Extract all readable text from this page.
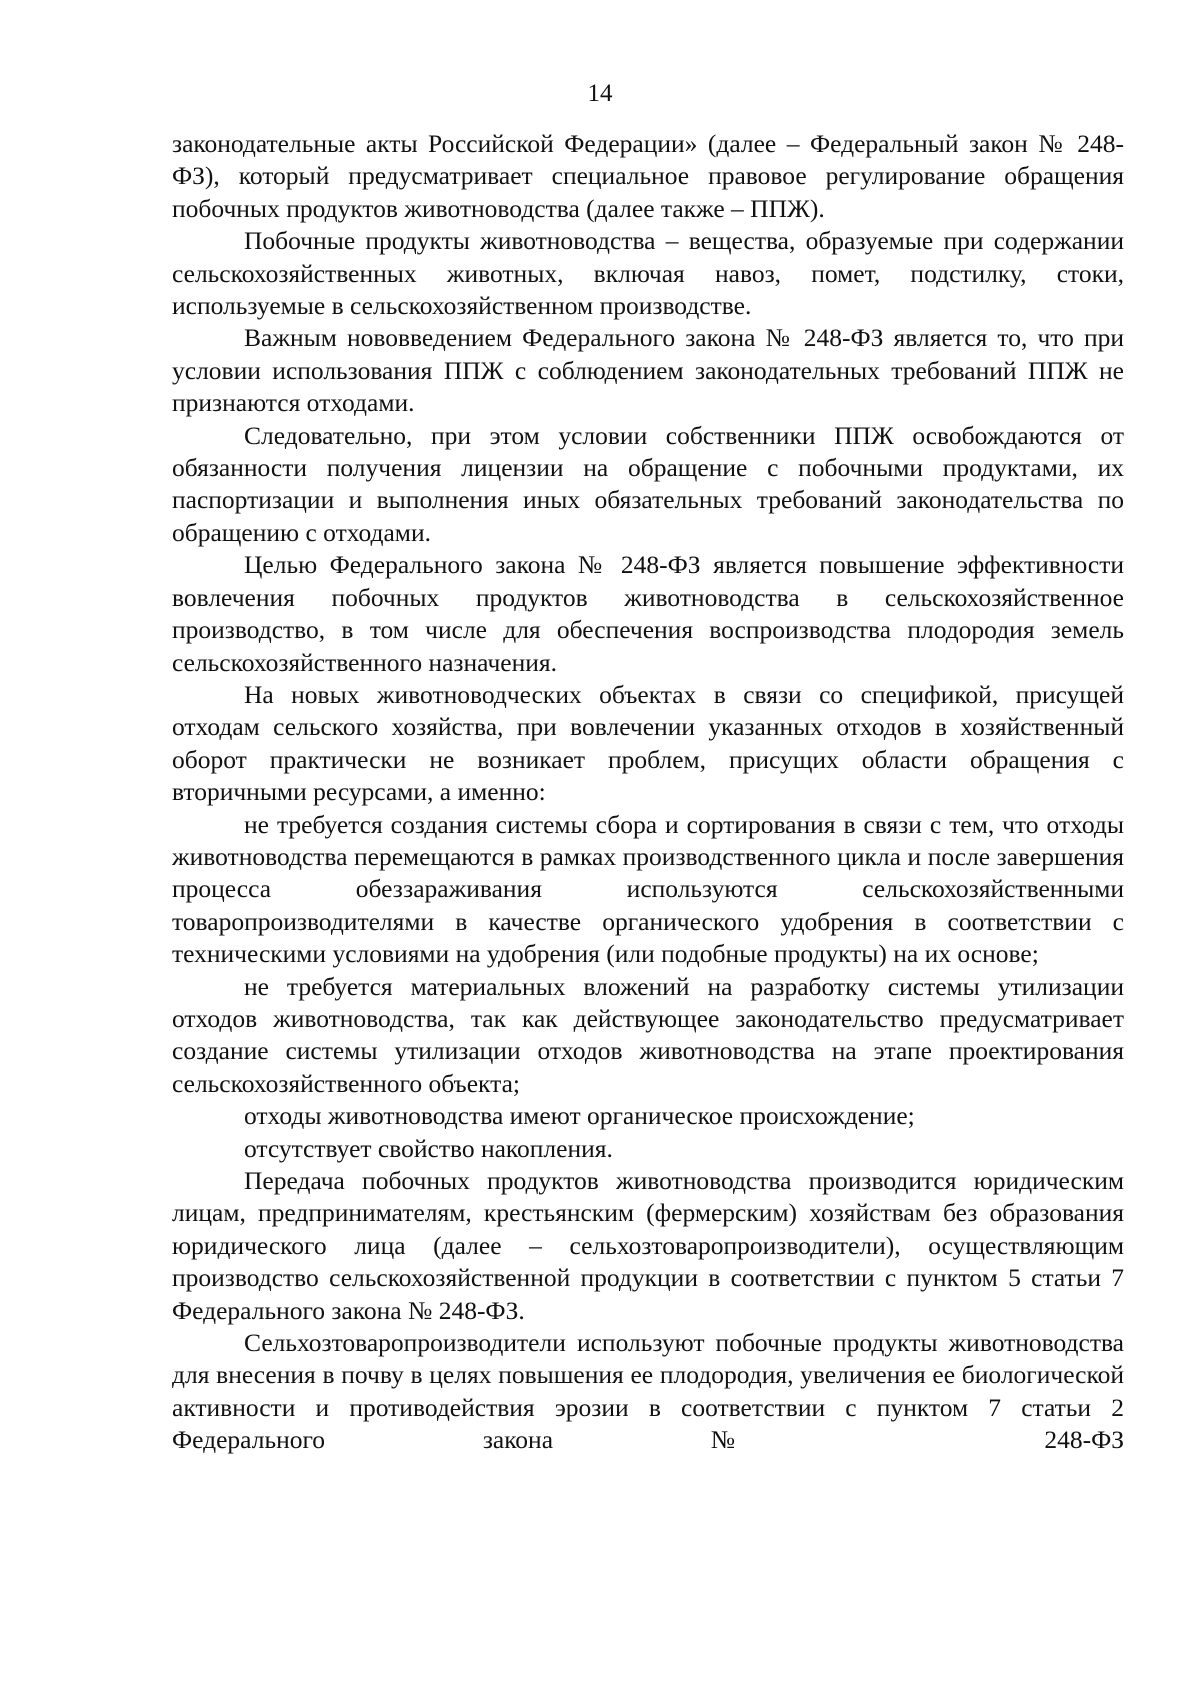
14

законодательные акты Российской Федерации» (далее – Федеральный закон № 248-ФЗ), который предусматривает специальное правовое регулирование обращения побочных продуктов животноводства (далее также – ППЖ).

Побочные продукты животноводства – вещества, образуемые при содержании сельскохозяйственных животных, включая навоз, помет, подстилку, стоки, используемые в сельскохозяйственном производстве.

Важным нововведением Федерального закона № 248-ФЗ является то, что при условии использования ППЖ с соблюдением законодательных требований ППЖ не признаются отходами.

Следовательно, при этом условии собственники ППЖ освобождаются от обязанности получения лицензии на обращение с побочными продуктами, их паспортизации и выполнения иных обязательных требований законодательства по обращению с отходами.

Целью Федерального закона № 248-ФЗ является повышение эффективности вовлечения побочных продуктов животноводства в сельскохозяйственное производство, в том числе для обеспечения воспроизводства плодородия земель сельскохозяйственного назначения.

На новых животноводческих объектах в связи со спецификой, присущей отходам сельского хозяйства, при вовлечении указанных отходов в хозяйственный оборот практически не возникает проблем, присущих области обращения с вторичными ресурсами, а именно:

не требуется создания системы сбора и сортирования в связи с тем, что отходы животноводства перемещаются в рамках производственного цикла и после завершения процесса обеззараживания используются сельскохозяйственными товаропроизводителями в качестве органического удобрения в соответствии с техническими условиями на удобрения (или подобные продукты) на их основе;

не требуется материальных вложений на разработку системы утилизации отходов животноводства, так как действующее законодательство предусматривает создание системы утилизации отходов животноводства на этапе проектирования сельскохозяйственного объекта;

отходы животноводства имеют органическое происхождение;

отсутствует свойство накопления.

Передача побочных продуктов животноводства производится юридическим лицам, предпринимателям, крестьянским (фермерским) хозяйствам без образования юридического лица (далее – сельхозтоваропроизводители), осуществляющим производство сельскохозяйственной продукции в соответствии с пунктом 5 статьи 7 Федерального закона № 248-ФЗ.

Сельхозтоваропроизводители используют побочные продукты животноводства для внесения в почву в целях повышения ее плодородия, увеличения ее биологической активности и противодействия эрозии в соответствии с пунктом 7 статьи 2 Федерального закона № 248-ФЗ
